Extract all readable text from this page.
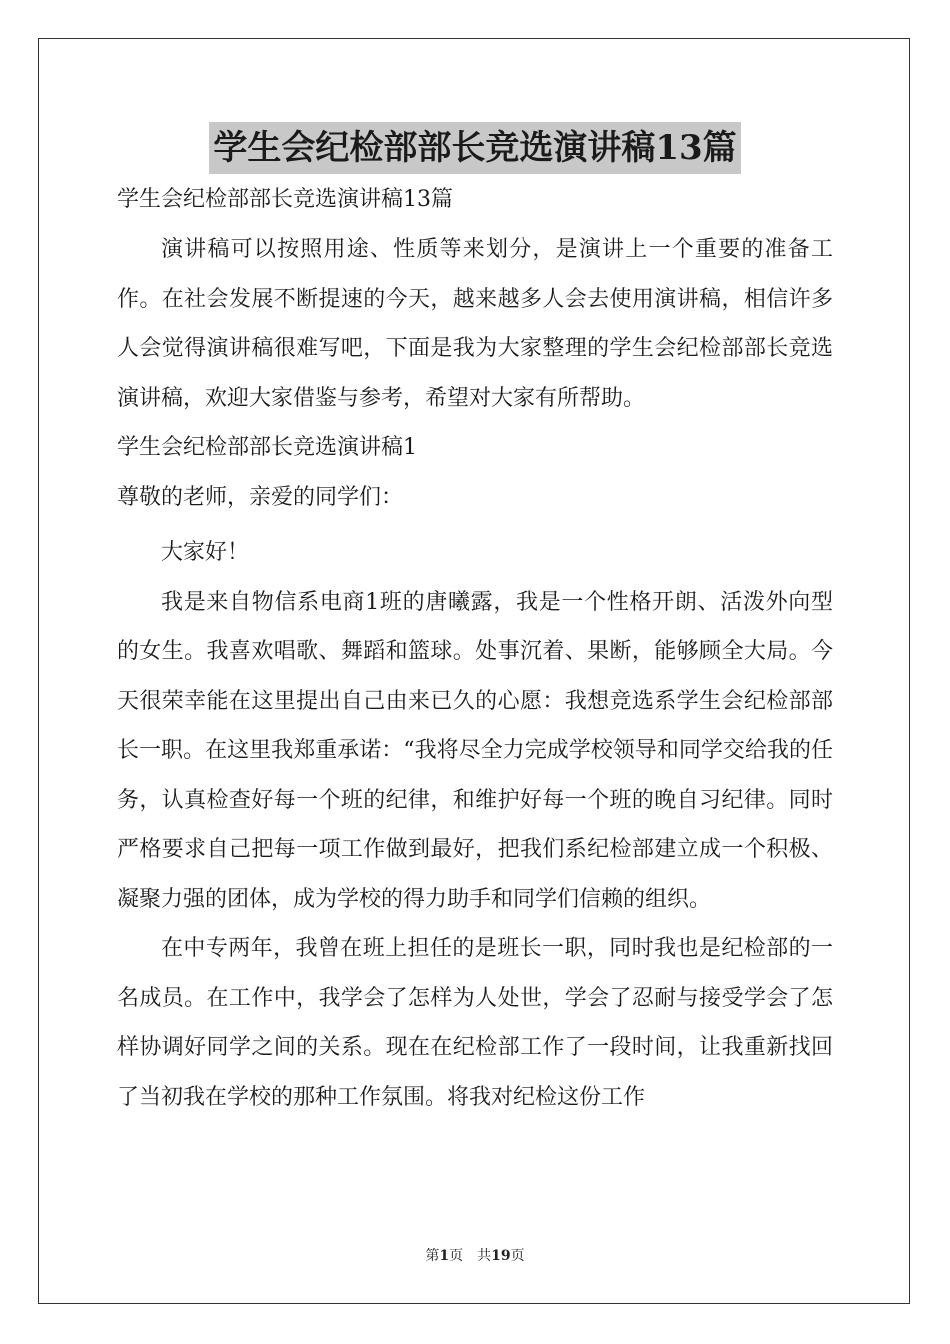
学生会纪检部部长竞选演讲稿13篇

学生会纪检部部长竞选演讲稿13篇

演讲稿可以按照用途、性质等来划分，是演讲上一个重要的准备工作。在社会发展不断提速的今天，越来越多人会去使用演讲稿，相信许多人会觉得演讲稿很难写吧，下面是我为大家整理的学生会纪检部部长竞选演讲稿，欢迎大家借鉴与参考，希望对大家有所帮助。

学生会纪检部部长竞选演讲稿1

尊敬的老师，亲爱的同学们：

大家好！

我是来自物信系电商1班的唐曦露，我是一个性格开朗、活泼外向型的女生。我喜欢唱歌、舞蹈和篮球。处事沉着、果断，能够顾全大局。今天很荣幸能在这里提出自己由来已久的心愿：我想竞选系学生会纪检部部长一职。在这里我郑重承诺：“我将尽全力完成学校领导和同学交给我的任务，认真检查好每一个班的纪律，和维护好每一个班的晚自习纪律。同时严格要求自己把每一项工作做到最好，把我们系纪检部建立成一个积极、凝聚力强的团体，成为学校的得力助手和同学们信赖的组织。

在中专两年，我曾在班上担任的是班长一职，同时我也是纪检部的一名成员。在工作中，我学会了怎样为人处世，学会了忍耐与接受学会了怎样协调好同学之间的关系。现在在纪检部工作了一段时间，让我重新找回了当初我在学校的那种工作氛围。将我对纪检这份工作

第1页 共19页
